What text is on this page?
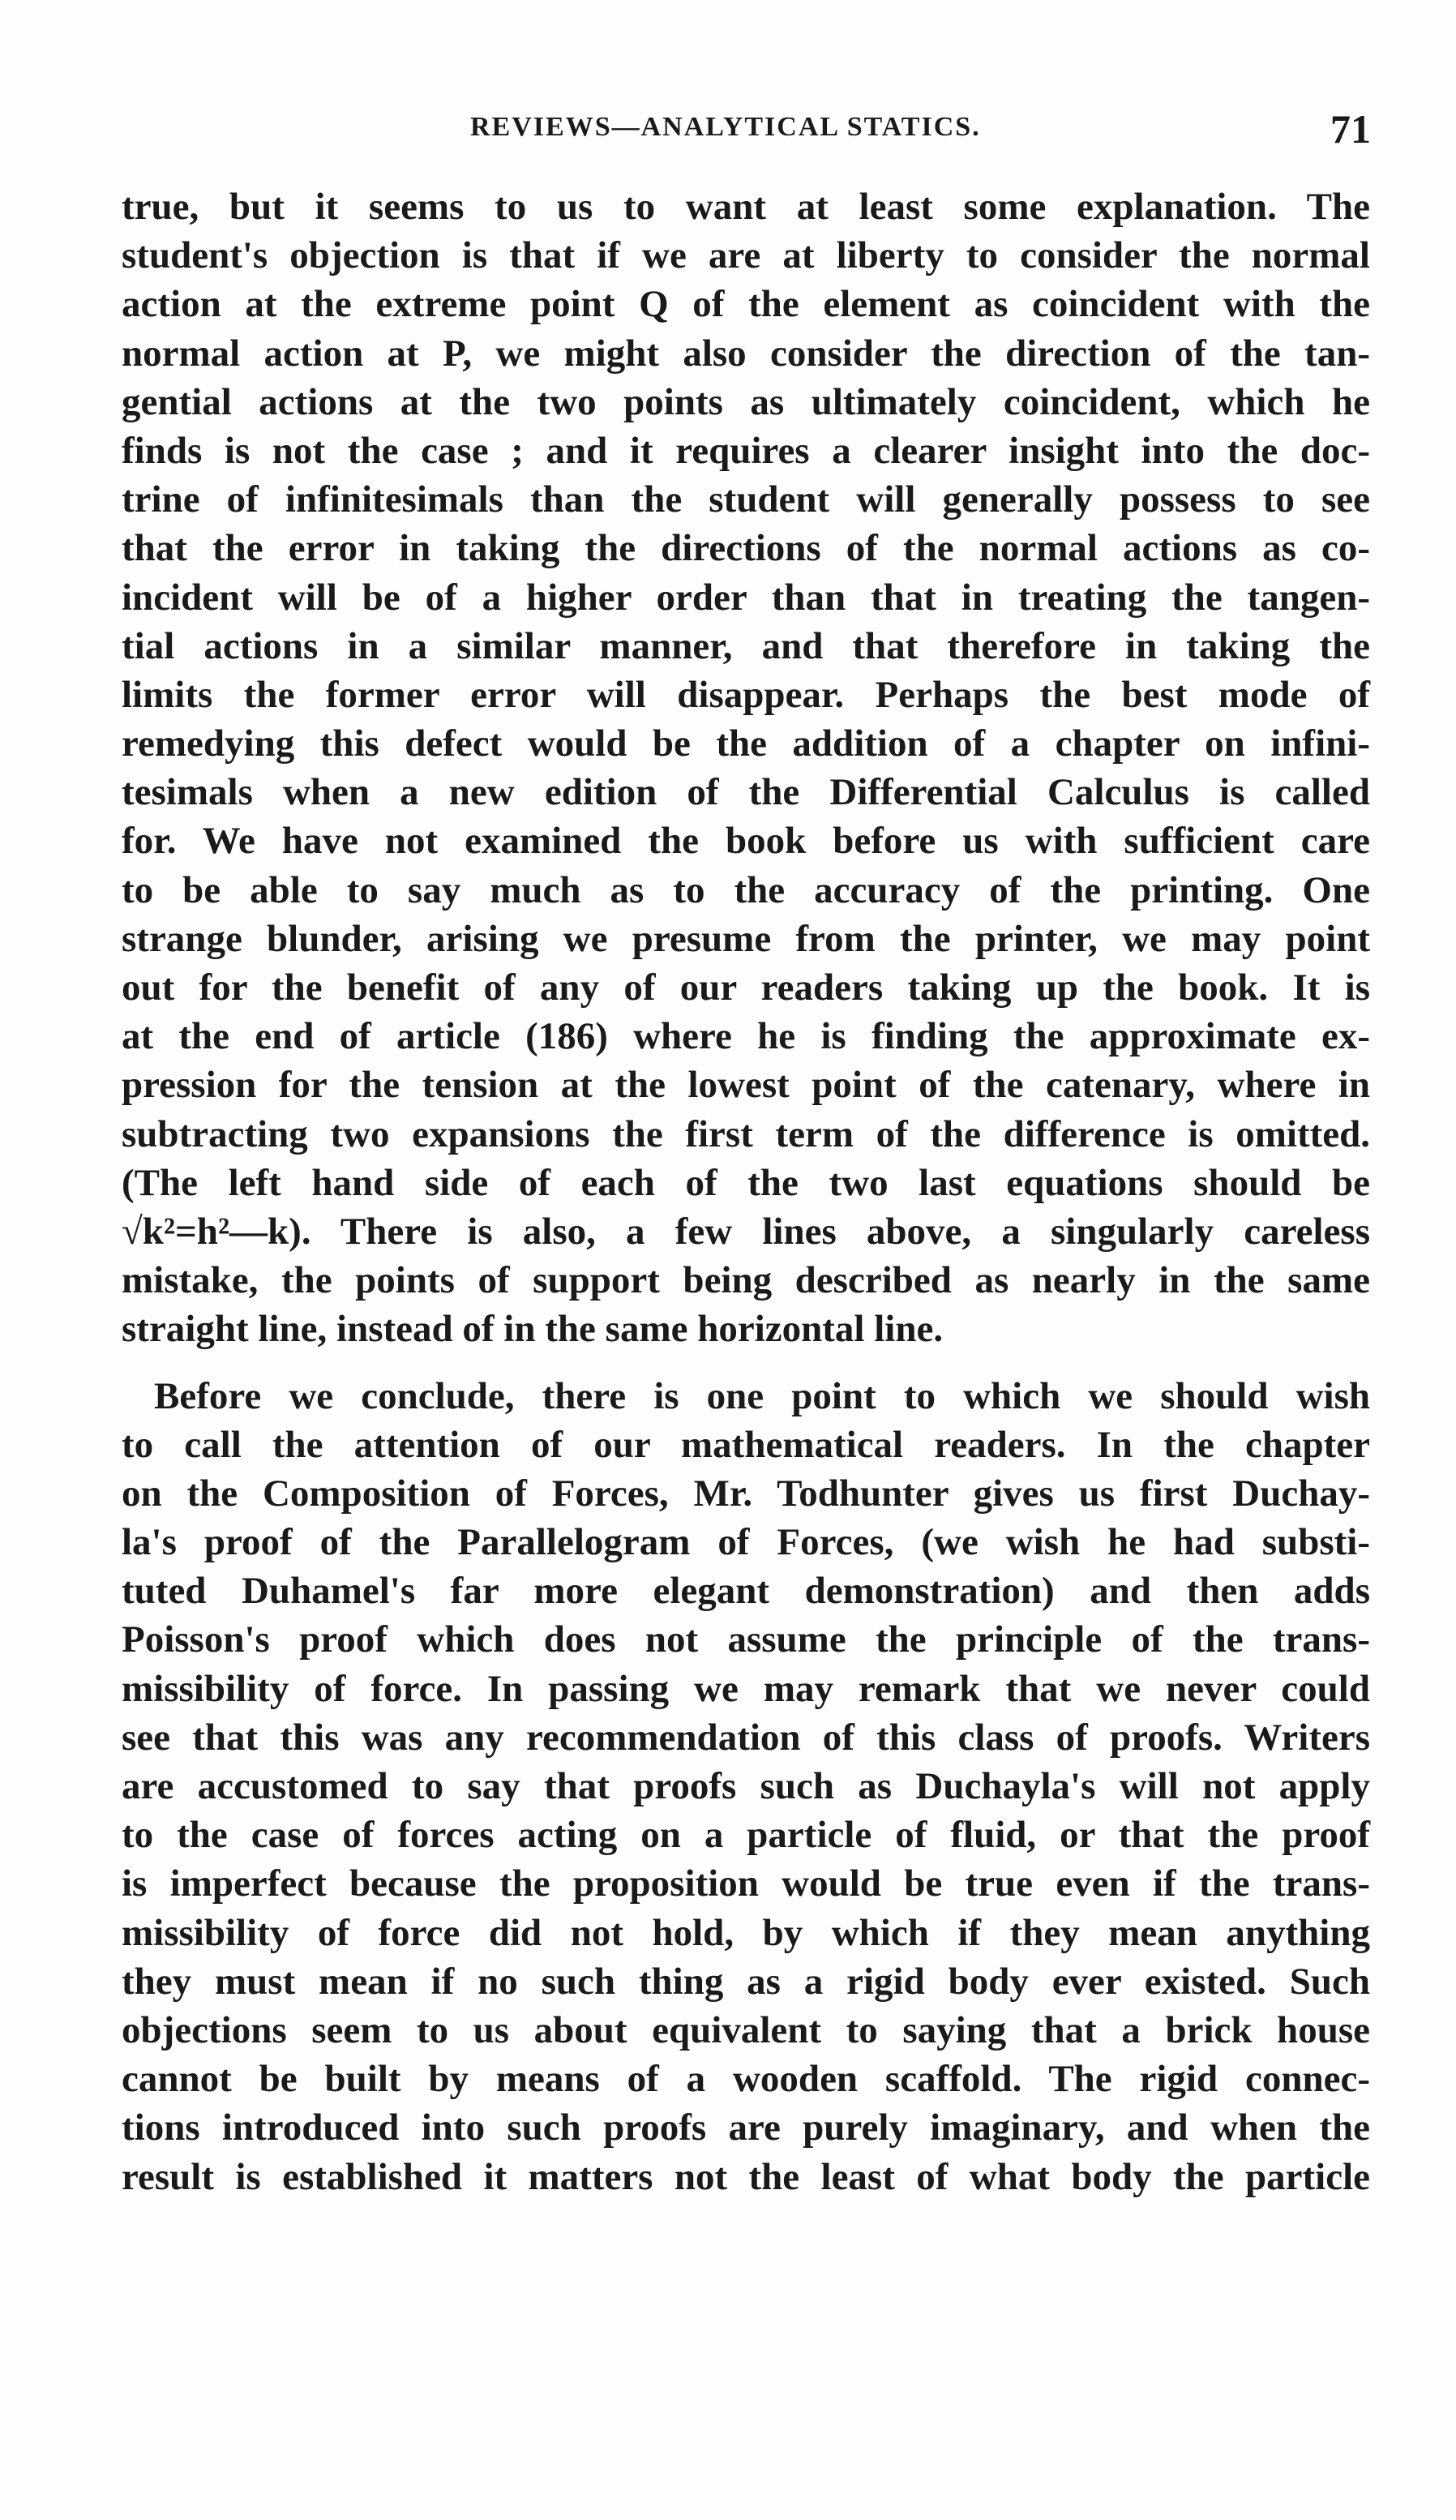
REVIEWS—ANALYTICAL STATICS.	71
true, but it seems to us to want at least some explanation. The
student's objection is that if we are at liberty to consider the normal
action at the extreme point Q of the element as coincident with the
normal action at P, we might also consider the direction of the tan-
gential actions at the two points as ultimately coincident, which he
finds is not the case ; and it requires a clearer insight into the doc-
trine of infinitesimals than the student will generally possess to see
that the error in taking the directions of the normal actions as co-
incident will be of a higher order than that in treating the tangen-
tial actions in a similar manner, and that therefore in taking the
limits the former error will disappear. Perhaps the best mode of
remedying this defect would be the addition of a chapter on infini-
tesimals when a new edition of the Differential Calculus is called
for. We have not examined the book before us with sufficient care
to be able to say much as to the accuracy of the printing. One
strange blunder, arising we presume from the printer, we may point
out for the benefit of any of our readers taking up the book. It is
at the end of article (186) where he is finding the approximate ex-
pression for the tension at the lowest point of the catenary, where in
subtracting two expansions the first term of the difference is omitted.
(The left hand side of each of the two last equations should be
√k²=h²—k). There is also, a few lines above, a singularly careless
mistake, the points of support being described as nearly in the same
straight line, instead of in the same horizontal line.
Before we conclude, there is one point to which we should wish
to call the attention of our mathematical readers. In the chapter
on the Composition of Forces, Mr. Todhunter gives us first Duchay-
la's proof of the Parallelogram of Forces, (we wish he had substi-
tuted Duhamel's far more elegant demonstration) and then adds
Poisson's proof which does not assume the principle of the trans-
missibility of force. In passing we may remark that we never could
see that this was any recommendation of this class of proofs. Writers
are accustomed to say that proofs such as Duchayla's will not apply
to the case of forces acting on a particle of fluid, or that the proof
is imperfect because the proposition would be true even if the trans-
missibility of force did not hold, by which if they mean anything
they must mean if no such thing as a rigid body ever existed. Such
objections seem to us about equivalent to saying that a brick house
cannot be built by means of a wooden scaffold. The rigid connec-
tions introduced into such proofs are purely imaginary, and when the
result is established it matters not the least of what body the particle
